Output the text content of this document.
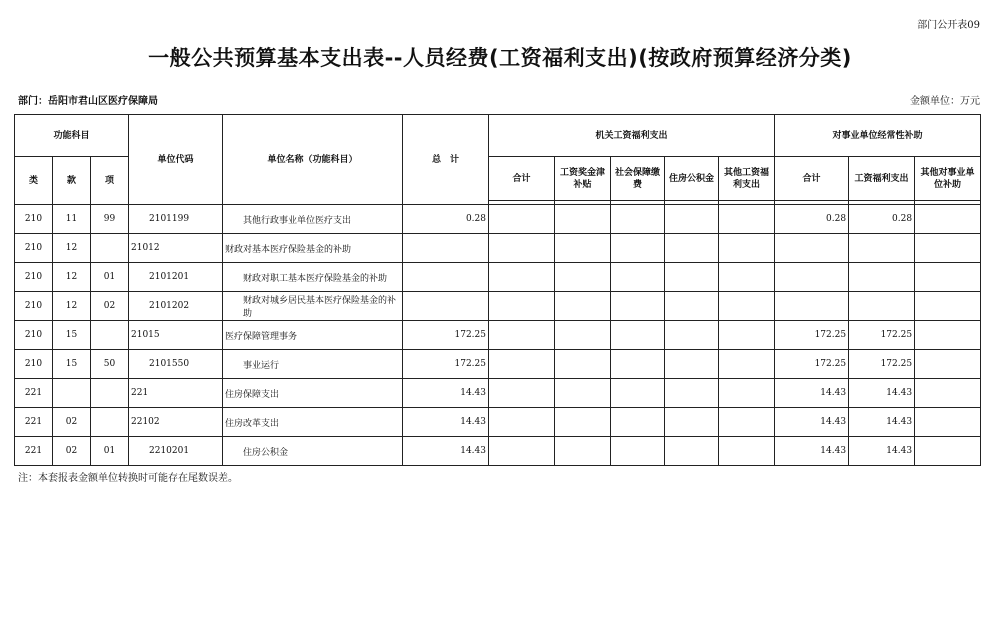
部门公开表09
一般公共预算基本支出表--人员经费(工资福利支出)(按政府预算经济分类)
部门：岳阳市君山区医疗保障局	金额单位：万元
功能科目			单位代码	单位名称（功能科目）	总　计	机关工资福利支出					对事业单位经常性补助		
类	款	项				合计	工资奖金津补贴	社会保障缴费	住房公积金	其他工资福利支出	合计	工资福利支出	其他对事业单位补助

210	11	99	2101199	其他行政事业单位医疗支出	0.28						0.28	0.28	
210	12		21012	财政对基本医疗保险基金的补助									
210	12	01	2101201	财政对职工基本医疗保险基金的补助									
210	12	02	2101202	财政对城乡居民基本医疗保险基金的补助									
210	15		21015	医疗保障管理事务	172.25						172.25	172.25	
210	15	50	2101550	事业运行	172.25						172.25	172.25	
221			221	住房保障支出	14.43						14.43	14.43	
221	02		22102	住房改革支出	14.43						14.43	14.43	
221	02	01	2210201	住房公积金	14.43						14.43	14.43	
注：本套报表金额单位转换时可能存在尾数误差。
